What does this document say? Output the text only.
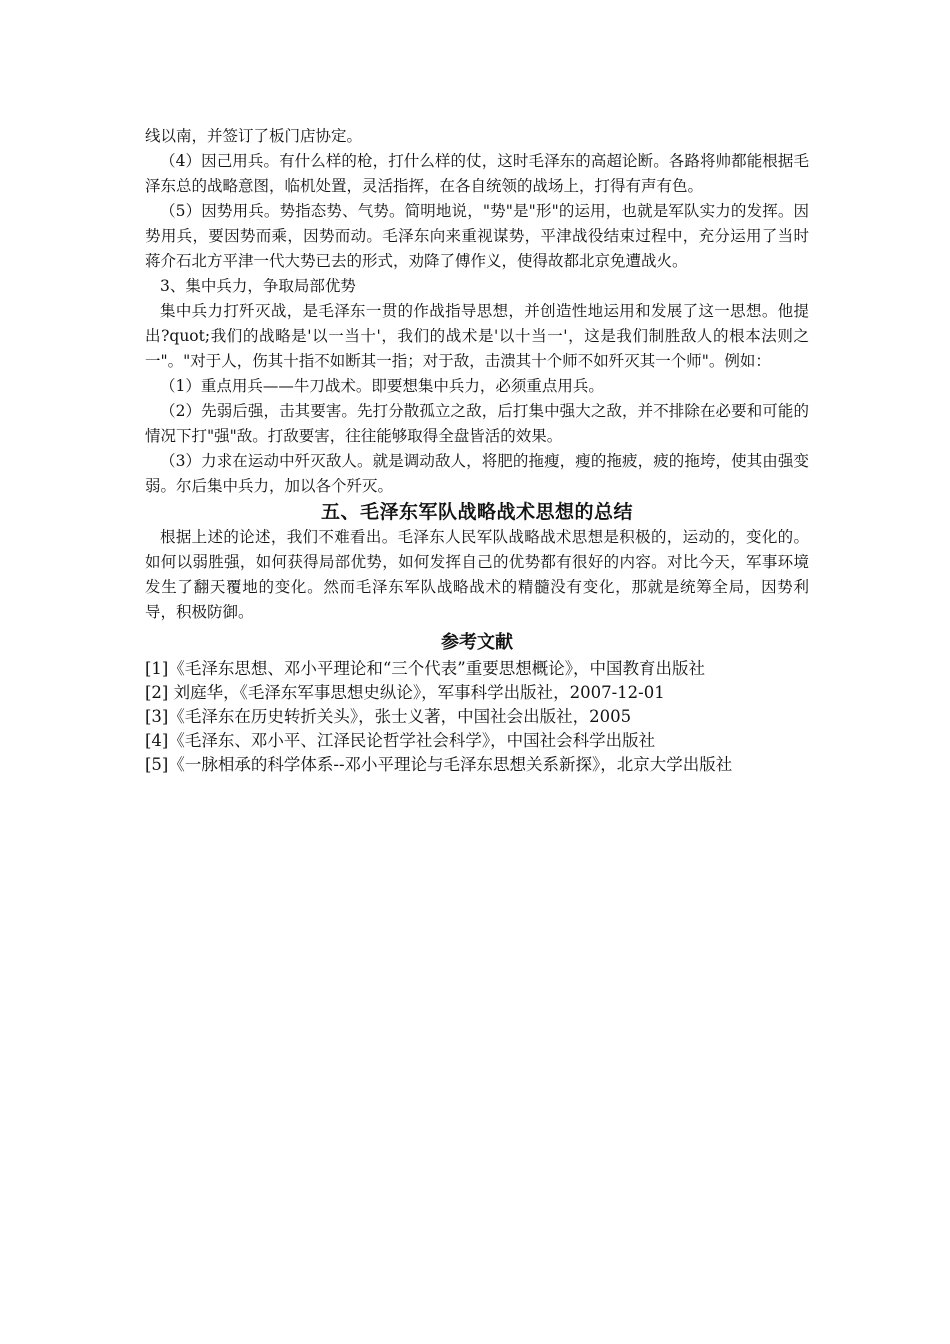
线以南，并签订了板门店协定。

（4）因己用兵。有什么样的枪，打什么样的仗，这时毛泽东的高超论断。各路将帅都能根据毛泽东总的战略意图，临机处置，灵活指挥，在各自统领的战场上，打得有声有色。

（5）因势用兵。势指态势、气势。简明地说，"势"是"形"的运用，也就是军队实力的发挥。因势用兵，要因势而乘，因势而动。毛泽东向来重视谋势，平津战役结束过程中，充分运用了当时蒋介石北方平津一代大势已去的形式，劝降了傅作义，使得故都北京免遭战火。

3、集中兵力，争取局部优势

集中兵力打歼灭战，是毛泽东一贯的作战指导思想，并创造性地运用和发展了这一思想。他提出?quot;我们的战略是'以一当十'，我们的战术是'以十当一'，这是我们制胜敌人的根本法则之一"。"对于人，伤其十指不如断其一指；对于敌，击溃其十个师不如歼灭其一个师"。例如：

（1）重点用兵——牛刀战术。即要想集中兵力，必须重点用兵。

（2）先弱后强，击其要害。先打分散孤立之敌，后打集中强大之敌，并不排除在必要和可能的情况下打"强"敌。打敌要害，往往能够取得全盘皆活的效果。

（3）力求在运动中歼灭敌人。就是调动敌人，将肥的拖瘦，瘦的拖疲，疲的拖垮，使其由强变弱。尔后集中兵力，加以各个歼灭。

五、毛泽东军队战略战术思想的总结

根据上述的论述，我们不难看出。毛泽东人民军队战略战术思想是积极的，运动的，变化的。如何以弱胜强，如何获得局部优势，如何发挥自己的优势都有很好的内容。对比今天，军事环境发生了翻天覆地的变化。然而毛泽东军队战略战术的精髓没有变化，那就是统筹全局，因势利导，积极防御。

参考文献

[1]《毛泽东思想、邓小平理论和“三个代表”重要思想概论》，中国教育出版社

[2] 刘庭华，《毛泽东军事思想史纵论》，军事科学出版社，2007-12-01

[3]《毛泽东在历史转折关头》，张士义著，中国社会出版社，2005

[4]《毛泽东、邓小平、江泽民论哲学社会科学》，中国社会科学出版社

[5]《一脉相承的科学体系--邓小平理论与毛泽东思想关系新探》，北京大学出版社
